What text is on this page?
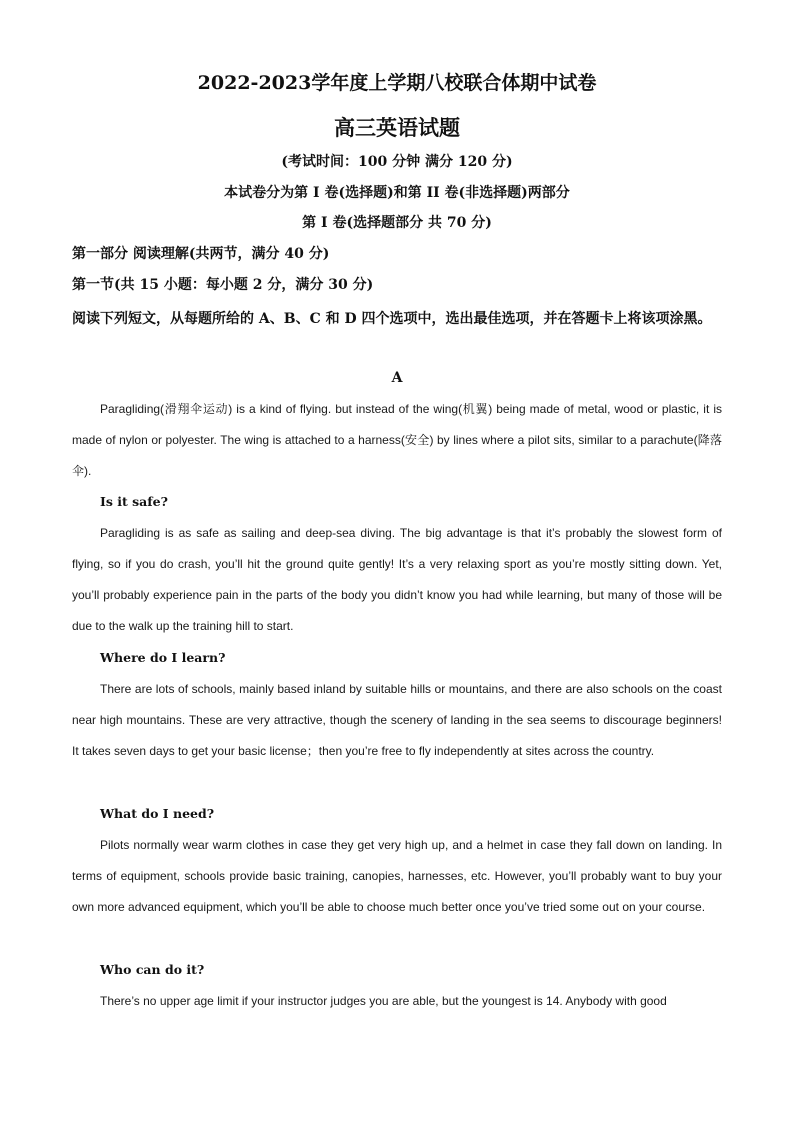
2022-2023学年度上学期八校联合体期中试卷
高三英语试题
(考试时间：100 分钟 满分 120 分)
本试卷分为第 I 卷(选择题)和第 II 卷(非选择题)两部分
第 I 卷(选择题部分 共 70 分)
第一部分 阅读理解(共两节，满分 40 分)
第一节(共 15 小题：每小题 2 分，满分 30 分)
阅读下列短文，从每题所给的 A、B、C 和 D 四个选项中，选出最佳选项，并在答题卡上将该项涂黑。
A
Paragliding(滑翔伞运动) is a kind of flying. but instead of the wing(机翼) being made of metal, wood or plastic, it is made of nylon or polyester. The wing is attached to a harness(安全) by lines where a pilot sits, similar to a parachute(降落伞).
Is it safe?
Paragliding is as safe as sailing and deep-sea diving. The big advantage is that it’s probably the slowest form of flying, so if you do crash, you’ll hit the ground quite gently! It’s a very relaxing sport as you’re mostly sitting down. Yet, you’ll probably experience pain in the parts of the body you didn’t know you had while learning, but many of those will be due to the walk up the training hill to start.
Where do I learn?
There are lots of schools, mainly based inland by suitable hills or mountains, and there are also schools on the coast near high mountains. These are very attractive, though the scenery of landing in the sea seems to discourage beginners! It takes seven days to get your basic license；then you’re free to fly independently at sites across the country.
What do I need?
Pilots normally wear warm clothes in case they get very high up, and a helmet in case they fall down on landing. In terms of equipment, schools provide basic training, canopies, harnesses, etc. However, you’ll probably want to buy your own more advanced equipment, which you’ll be able to choose much better once you’ve tried some out on your course.
Who can do it?
There’s no upper age limit if your instructor judges you are able, but the youngest is 14. Anybody with good
